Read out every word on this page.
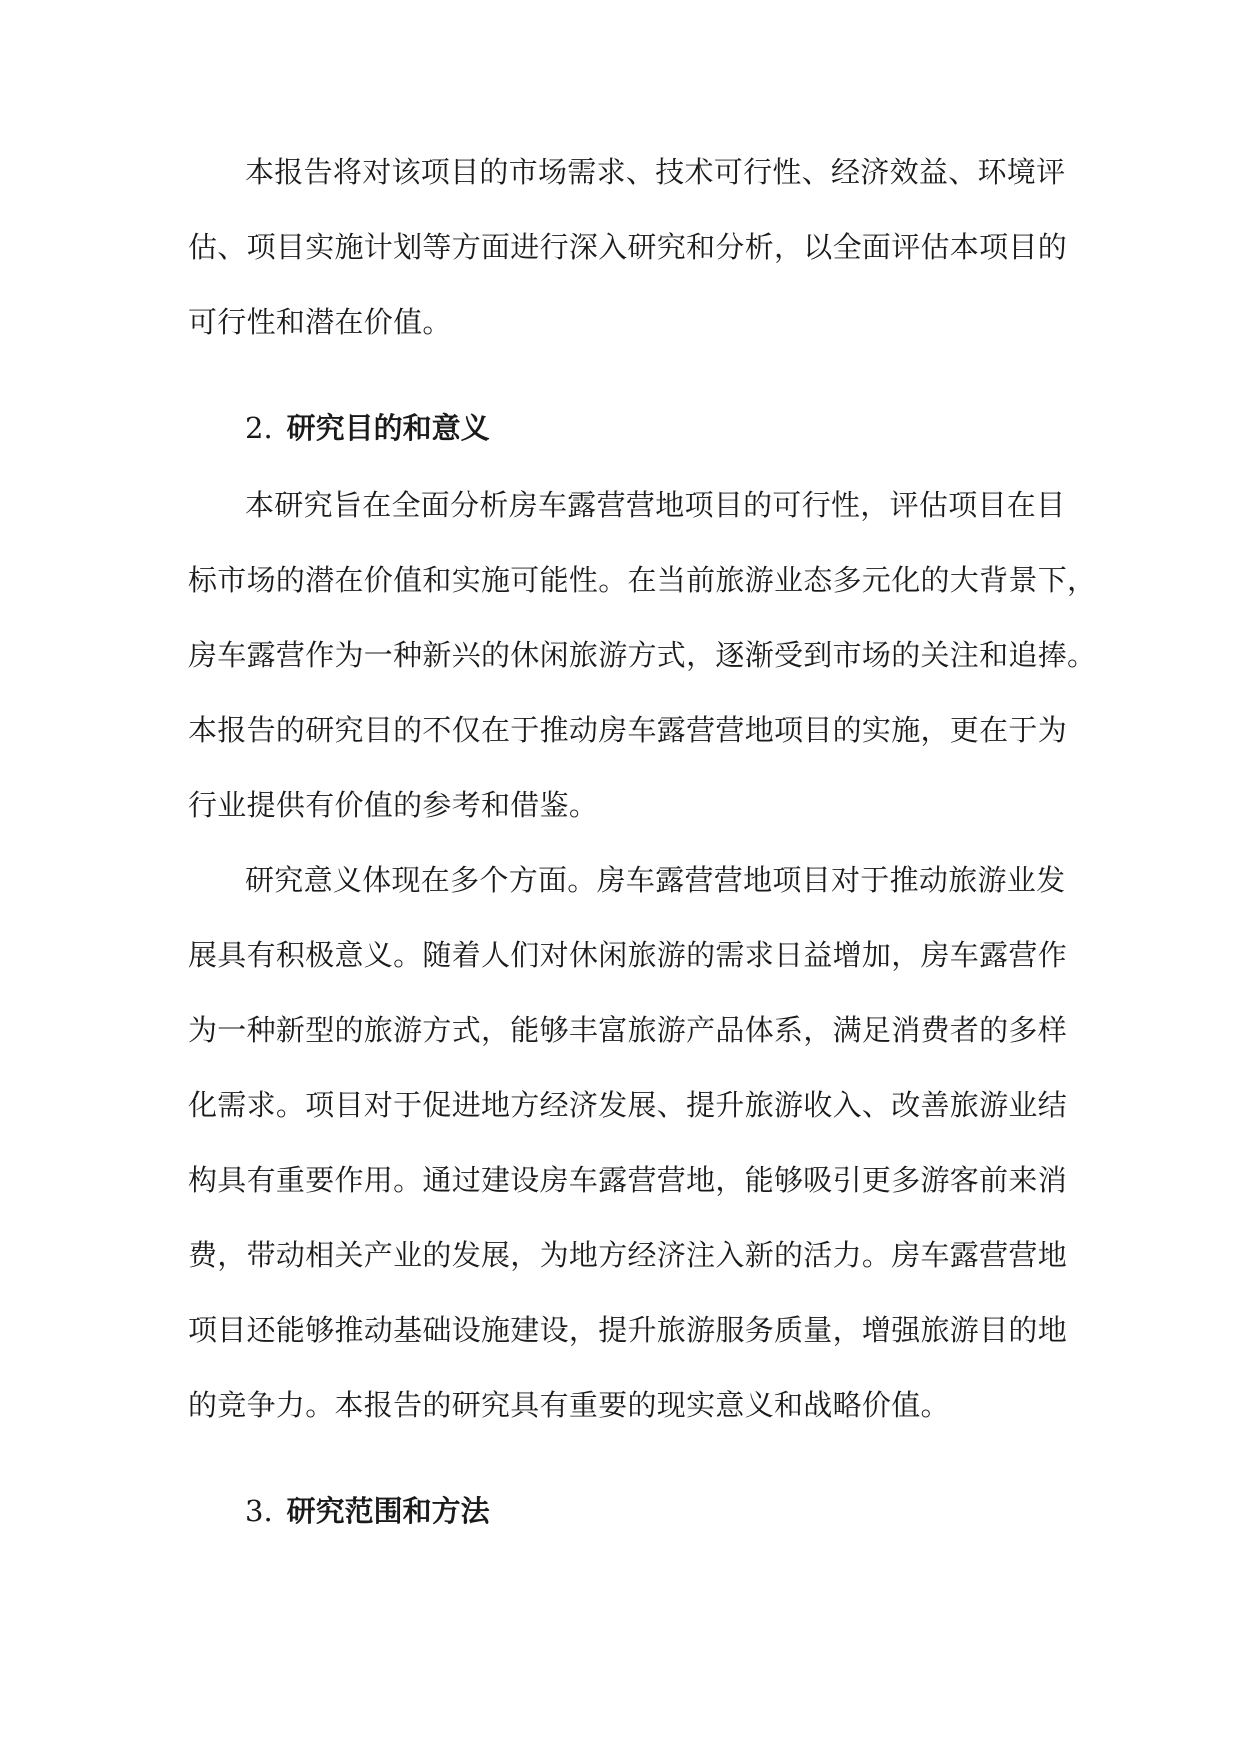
本报告将对该项目的市场需求、技术可行性、经济效益、环境评
估、项目实施计划等方面进行深入研究和分析，以全面评估本项目的
可行性和潜在价值。
2. 研究目的和意义
本研究旨在全面分析房车露营营地项目的可行性，评估项目在目
标市场的潜在价值和实施可能性。在当前旅游业态多元化的大背景下，
房车露营作为一种新兴的休闲旅游方式，逐渐受到市场的关注和追捧。
本报告的研究目的不仅在于推动房车露营营地项目的实施，更在于为
行业提供有价值的参考和借鉴。
研究意义体现在多个方面。房车露营营地项目对于推动旅游业发
展具有积极意义。随着人们对休闲旅游的需求日益增加，房车露营作
为一种新型的旅游方式，能够丰富旅游产品体系，满足消费者的多样
化需求。项目对于促进地方经济发展、提升旅游收入、改善旅游业结
构具有重要作用。通过建设房车露营营地，能够吸引更多游客前来消
费，带动相关产业的发展，为地方经济注入新的活力。房车露营营地
项目还能够推动基础设施建设，提升旅游服务质量，增强旅游目的地
的竞争力。本报告的研究具有重要的现实意义和战略价值。
3. 研究范围和方法
